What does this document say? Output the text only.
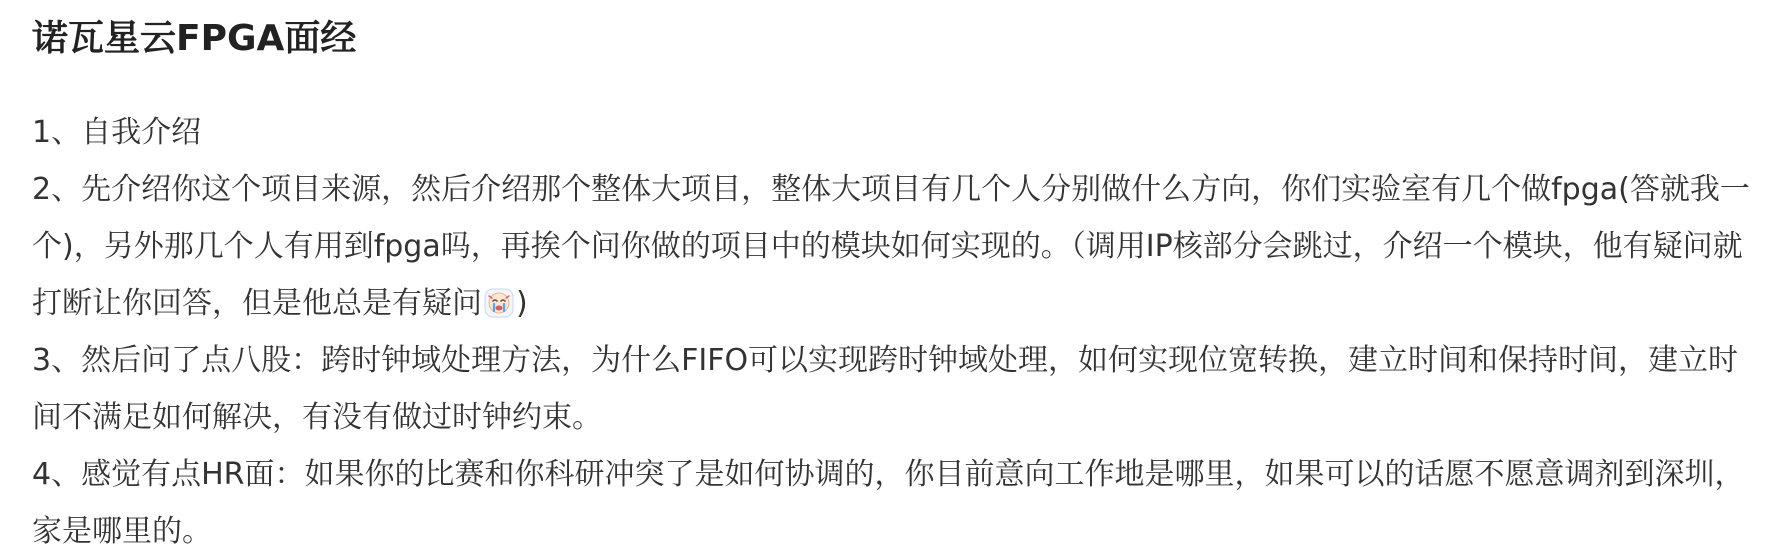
诺瓦星云FPGA面经

1、自我介绍

2、先介绍你这个项目来源，然后介绍那个整体大项目，整体大项目有几个人分别做什么方向，你们实验室有几个做fpga(答就我一个)，另外那几个人有用到fpga吗，再挨个问你做的项目中的模块如何实现的。（调用IP核部分会跳过，介绍一个模块，他有疑问就打断让你回答，但是他总是有疑问 )

3、然后问了点八股：跨时钟域处理方法，为什么FIFO可以实现跨时钟域处理，如何实现位宽转换，建立时间和保持时间，建立时间不满足如何解决，有没有做过时钟约束。

4、感觉有点HR面：如果你的比赛和你科研冲突了是如何协调的，你目前意向工作地是哪里，如果可以的话愿不愿意调剂到深圳，家是哪里的。
